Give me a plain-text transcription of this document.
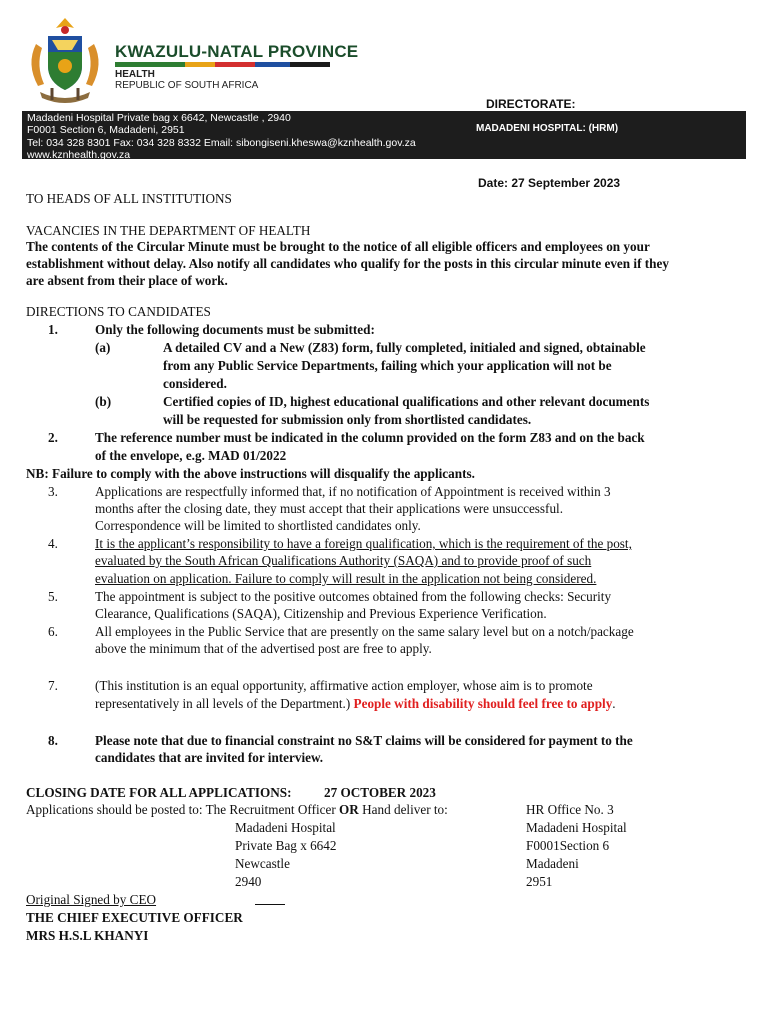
KWAZULU-NATAL PROVINCE
HEALTH
REPUBLIC OF SOUTH AFRICA
DIRECTORATE:
Madadeni Hospital Private bag x 6642, Newcastle , 2940
F0001 Section 6, Madadeni, 2951
Tel: 034 328 8301 Fax: 034 328 8332 Email: sibongiseni.kheswa@kznhealth.gov.za
www.kznhealth.gov.za
MADADENI HOSPITAL: (HRM)
Date: 27 September 2023
TO HEADS OF ALL INSTITUTIONS
VACANCIES IN THE DEPARTMENT OF HEALTH
The contents of the Circular Minute must be brought to the notice of all eligible officers and employees on your
establishment without delay. Also notify all candidates who qualify for the posts in this circular minute even if they
are absent from their place of work.
DIRECTIONS TO CANDIDATES
1.	Only the following documents must be submitted:
(a)	A detailed CV and a New (Z83) form, fully completed, initialed and signed, obtainable
from any Public Service Departments, failing which your application will not be
considered.
(b)	Certified copies of ID, highest educational qualifications and other relevant documents
will be requested for submission only from shortlisted candidates.
2.	The reference number must be indicated in the column provided on the form Z83 and on the back
of the envelope, e.g. MAD 01/2022
NB: Failure to comply with the above instructions will disqualify the applicants.
3.	Applications are respectfully informed that, if no notification of Appointment is received within 3
months after the closing date, they must accept that their applications were unsuccessful.
Correspondence will be limited to shortlisted candidates only.
4.	It is the applicant’s responsibility to have a foreign qualification, which is the requirement of the post,
evaluated by the South African Qualifications Authority (SAQA) and to provide proof of such
evaluation on application. Failure to comply will result in the application not being considered.
5.	The appointment is subject to the positive outcomes obtained from the following checks: Security
Clearance, Qualifications (SAQA), Citizenship and Previous Experience Verification.
6.	All employees in the Public Service that are presently on the same salary level but on a notch/package
above the minimum that of the advertised post are free to apply.
7.	(This institution is an equal opportunity, affirmative action employer, whose aim is to promote
representatively in all levels of the Department.) People with disability should feel free to apply.
8.	Please note that due to financial constraint no S&T claims will be considered for payment to the
candidates that are invited for interview.
CLOSING DATE FOR ALL APPLICATIONS: 27 OCTOBER 2023
Applications should be posted to: The Recruitment Officer OR Hand deliver to:
Madadeni Hospital
Private Bag x 6642
Newcastle
2940
HR Office No. 3
Madadeni Hospital
F0001Section 6
Madadeni
2951
Original Signed by CEO
THE CHIEF EXECUTIVE OFFICER
MRS H.S.L KHANYI
